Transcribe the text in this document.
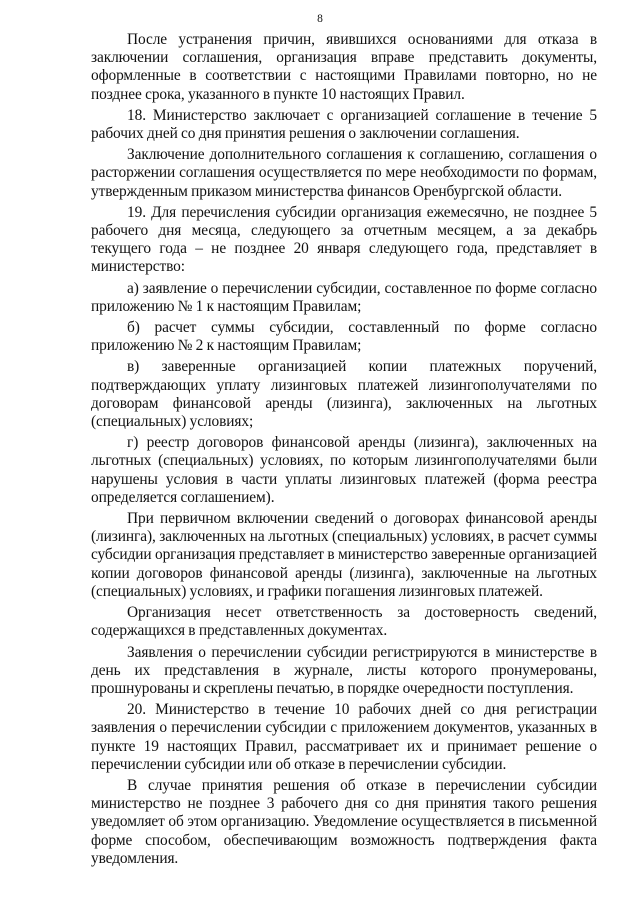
8

После устранения причин, явившихся основаниями для отказа в заключении соглашения, организация вправе представить документы, оформленные в соответствии с настоящими Правилами повторно, но не позднее срока, указанного в пункте 10 настоящих Правил.

18. Министерство заключает с организацией соглашение в течение 5 рабочих дней со дня принятия решения о заключении соглашения.

Заключение дополнительного соглашения к соглашению, соглашения о расторжении соглашения осуществляется по мере необходимости по формам, утвержденным приказом министерства финансов Оренбургской области.

19. Для перечисления субсидии организация ежемесячно, не позднее 5 рабочего дня месяца, следующего за отчетным месяцем, а за декабрь текущего года – не позднее 20 января следующего года, представляет в министерство:

а) заявление о перечислении субсидии, составленное по форме согласно приложению № 1 к настоящим Правилам;

б) расчет суммы субсидии, составленный по форме согласно приложению № 2 к настоящим Правилам;

в) заверенные организацией копии платежных поручений, подтверждающих уплату лизинговых платежей лизингополучателями по договорам финансовой аренды (лизинга), заключенных на льготных (специальных) условиях;

г) реестр договоров финансовой аренды (лизинга), заключенных на льготных (специальных) условиях, по которым лизингополучателями были нарушены условия в части уплаты лизинговых платежей (форма реестра определяется соглашением).

При первичном включении сведений о договорах финансовой аренды (лизинга), заключенных на льготных (специальных) условиях, в расчет суммы субсидии организация представляет в министерство заверенные организацией копии договоров финансовой аренды (лизинга), заключенные на льготных (специальных) условиях, и графики погашения лизинговых платежей.

Организация несет ответственность за достоверность сведений, содержащихся в представленных документах.

Заявления о перечислении субсидии регистрируются в министерстве в день их представления в журнале, листы которого пронумерованы, прошнурованы и скреплены печатью, в порядке очередности поступления.

20. Министерство в течение 10 рабочих дней со дня регистрации заявления о перечислении субсидии с приложением документов, указанных в пункте 19 настоящих Правил, рассматривает их и принимает решение о перечислении субсидии или об отказе в перечислении субсидии.

В случае принятия решения об отказе в перечислении субсидии министерство не позднее 3 рабочего дня со дня принятия такого решения уведомляет об этом организацию. Уведомление осуществляется в письменной форме способом, обеспечивающим возможность подтверждения факта уведомления.
